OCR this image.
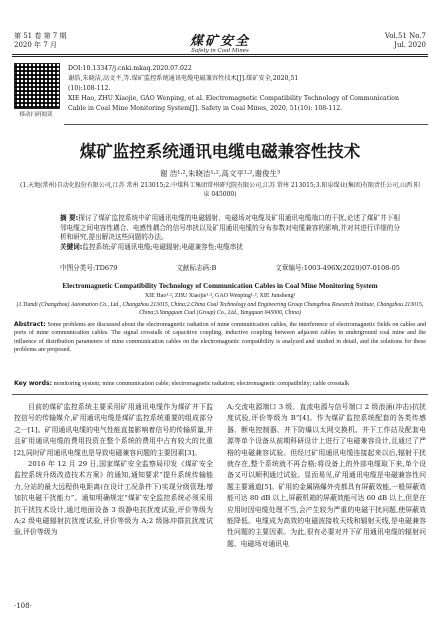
第 51 卷 第 7 期
2020 年 7 月	煤矿安全
Safety in Coal Mines
Vol.51 No.7
Jul. 2020
移动扫码阅读
DOI:10.13347/j.cnki.mkaq.2020.07.022
谢浩,朱晓洁,高文平,等.煤矿监控系统通讯电缆电磁兼容性技术[J].煤矿安全,2020,51
(10):108-112.
XIE Hao, ZHU Xiaojie, GAO Wenping, et al. Electromagnetic Compatibility Technology of Communication
Cable in Coal Mine Monitoring System[J]. Safety in Coal Mines, 2020, 51(10): 108-112.
煤矿监控系统通讯电缆电磁兼容性技术
谢 浩¹·²,朱晓洁¹·²,高文平¹·²,谢俊生³
(1.天地(常州)自动化股份有限公司,江苏 常州 213015;2.中煤科工集团常州研究院有限公司,江苏 常州 213015;3.阳泉煤业(集团)有限责任公司,山西 阳泉 045000)
摘 要:探讨了煤矿监控系统中矿用通讯电缆的电磁辐射、电磁场对电缆及矿用通讯电缆端口的干扰,论述了煤矿井下相邻电缆之间电容性耦合、电感性耦合的信号串扰以及矿用通讯电缆的分布参数对电缆兼容的影响,并对其进行详细的分析和研究,提出解决这些问题的办法。
关键词:监控系统;矿用通讯电缆;电磁辐射;电磁兼容性;电缆串扰
中图分类号:TD679	文献标志码:B	文章编号:1003-496X(2020)07-0108-05
Electromagnetic Compatibility Technology of Communication Cables in Coal Mine Monitoring System
XIE Hao¹·², ZHU Xiaojie¹·², GAO Wenping¹·², XIE Junsheng³
(1.Tiandi (Changzhou) Automation Co., Ltd., Changzhou 213015, China;2.China Coal Technology and Engineering Group Changzhou Research Institute, Changzhou 213015, China;3.Yangquan Coal (Group) Co., Ltd., Yangquan 045000, China)
Abstract: Some problems are discussed about the electromagnetic radiation of mine communication cables, the interference of electromagnetic fields on cables and ports of mine communication cables. The signal crosstalk of capacitive coupling, inductive coupling between adjacent cables in underground coal mine and the influence of distribution parameters of mine communication cables on the electromagnetic compatibility is analyzed and studied in detail, and the solutions for these problems are proposed.
Key words: monitoring system; mine communication cable; electromagnetic radiation; electromagnetic compatibility; cable crosstalk

目前的煤矿监控系统主要采用矿用通讯电缆作为煤矿井下监控信号的传输媒介,矿用通讯电缆是煤矿监控系统重要的组成部分之一[1]。矿用通讯电缆的电气性能直接影响着信号的传输质量,并且矿用通讯电缆的费用投资在整个系统的费用中占有较大的比重[2],同时矿用通讯电缆也是导致电磁兼容问题的主要因素[3]。

2016 年 12 月 29 日,国家煤矿安全监察局印发《煤矿安全监控系统升级改造技术方案》的通知,通知要求“提升系统传输能力,分站的最大远程供电距离(在设计工况条件下)实现分级管理;增加抗电磁干扰能力”。通知明确规定“煤矿安全监控系统必须采用抗干扰技术设计,通过地面设备 3 级静电抗扰度试验,评价等级为 A;2 级电磁辐射抗扰度试验,评价等级为 A;2 级脉冲群抗扰度试验,评价等级为

A;交流电源端口 3 级、直流电源与信号端口 2 级浪涌(冲击)抗扰度试验,评价等级为 B”[4]。作为煤矿监控系统配套的各类传感器、断电控制器、井下防爆以太网交换机、井下工作站及配套电源等单个设备从前期科研设计上进行了电磁兼容设计,且通过了严格的电磁兼容试验。但经过矿用通讯电缆连接起来以后,辐射干扰就存在,整个系统就不再合格;将设备上的外部电缆取下来,单个设备又可以顺利通过试验。显而易见,矿用通讯电缆是电磁兼容性问题主要通道[5]。矿用的金属隔爆外壳都具有屏蔽效能,一般屏蔽效能可达 80 dB 以上,屏蔽机箱的屏蔽效能可达 60 dB 以上,但是在应用时因电缆处理不当,会产生较为严重的电磁干扰问题,使屏蔽效能降低。电缆成为高效的电磁波接收天线和辐射天线,是电磁兼容性问题的主要因素。为此,很有必要对井下矿用通讯电缆的辐射问题、电磁场对通讯电

·108·
